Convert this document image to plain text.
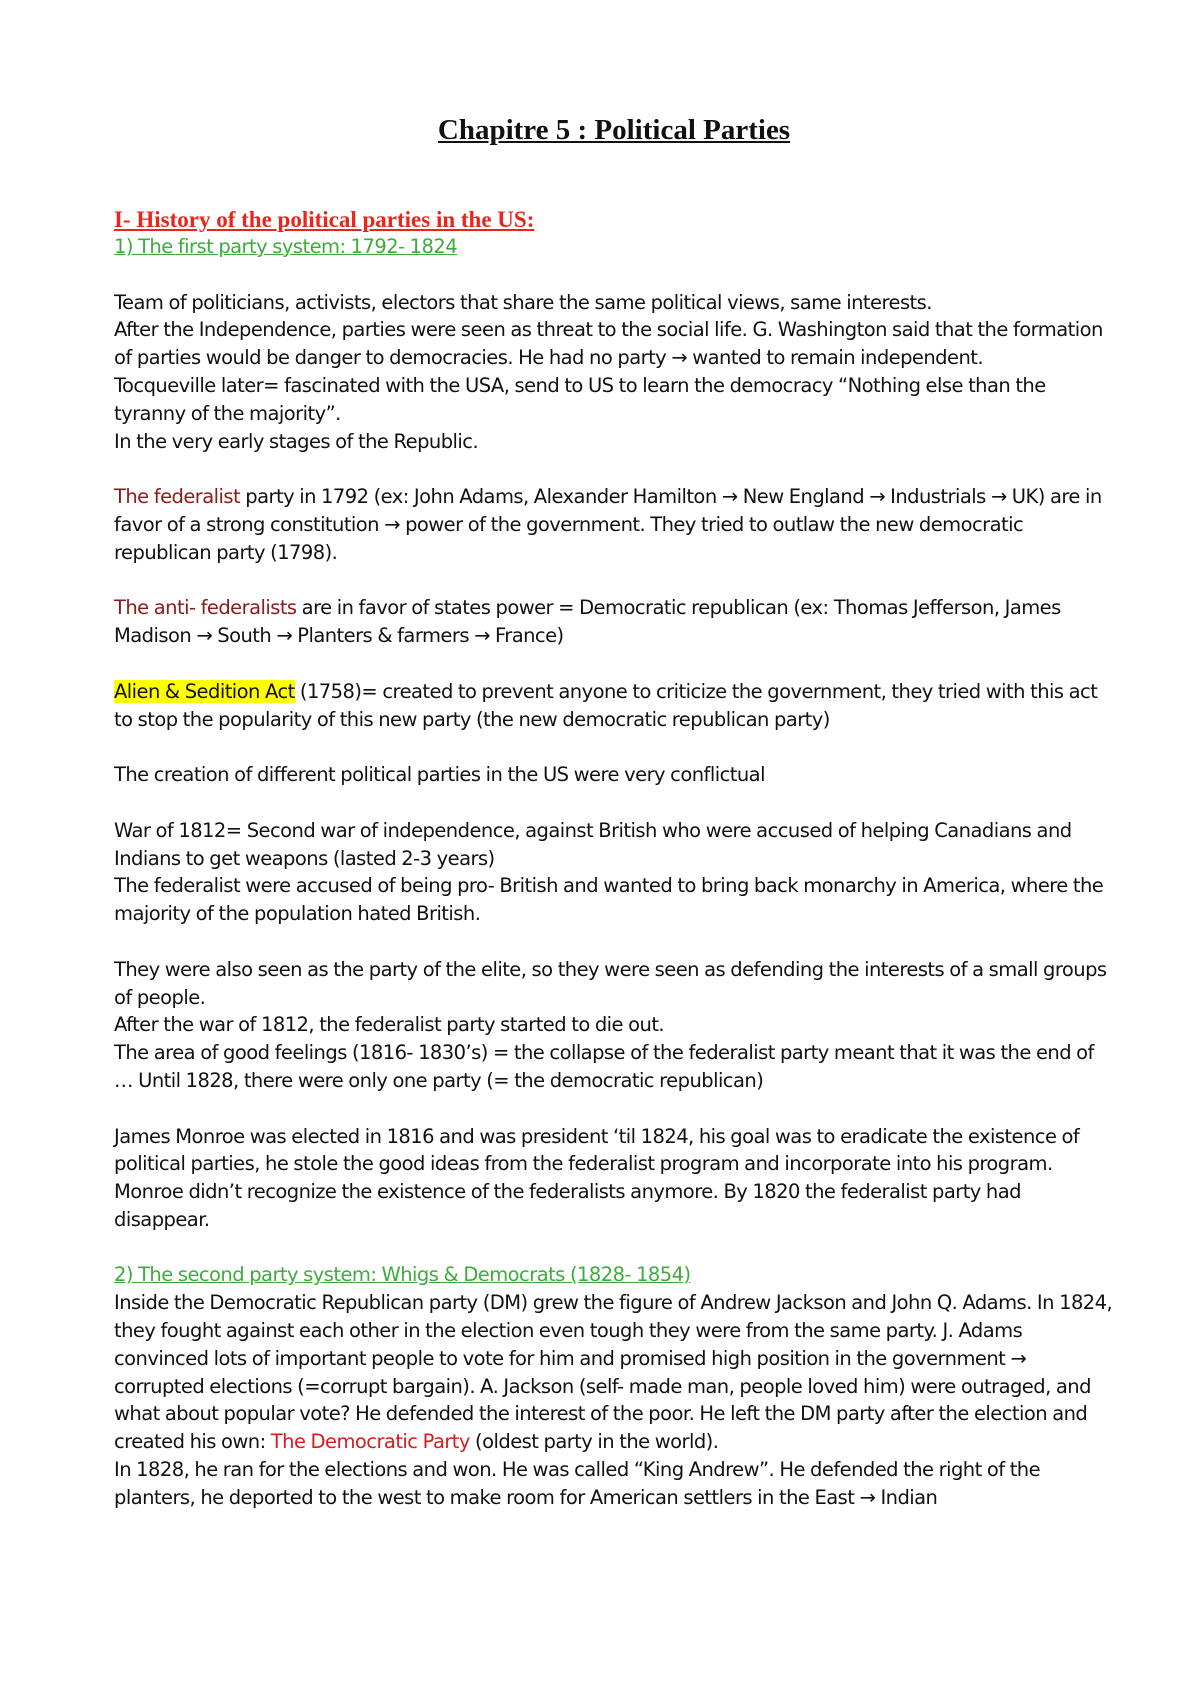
Chapitre 5 : Political Parties
I- History of the political parties in the US:
1) The first party system: 1792- 1824

Team of politicians, activists, electors that share the same political views, same interests.

After the Independence, parties were seen as threat to the social life. G. Washington said that the formation of parties would be danger to democracies. He had no party → wanted to remain independent.

Tocqueville later= fascinated with the USA, send to US to learn the democracy “Nothing else than the tyranny of the majority”.

In the very early stages of the Republic.

The federalist party in 1792 (ex: John Adams, Alexander Hamilton → New England → Industrials → UK) are in favor of a strong constitution → power of the government. They tried to outlaw the new democratic republican party (1798).

The anti- federalists are in favor of states power = Democratic republican (ex: Thomas Jefferson, James Madison → South → Planters & farmers → France)

Alien & Sedition Act (1758)= created to prevent anyone to criticize the government, they tried with this act to stop the popularity of this new party (the new democratic republican party)

The creation of different political parties in the US were very conflictual

War of 1812= Second war of independence, against British who were accused of helping Canadians and Indians to get weapons (lasted 2-3 years)

The federalist were accused of being pro- British and wanted to bring back monarchy in America, where the majority of the population hated British.

They were also seen as the party of the elite, so they were seen as defending the interests of a small groups of people.

After the war of 1812, the federalist party started to die out.

The area of good feelings (1816- 1830’s) = the collapse of the federalist party meant that it was the end of … Until 1828, there were only one party (= the democratic republican)

James Monroe was elected in 1816 and was president ‘til 1824, his goal was to eradicate the existence of political parties, he stole the good ideas from the federalist program and incorporate into his program. Monroe didn’t recognize the existence of the federalists anymore. By 1820 the federalist party had disappear.

2) The second party system: Whigs & Democrats (1828- 1854)

Inside the Democratic Republican party (DM) grew the figure of Andrew Jackson and John Q. Adams. In 1824, they fought against each other in the election even tough they were from the same party. J. Adams convinced lots of important people to vote for him and promised high position in the government → corrupted elections (=corrupt bargain). A. Jackson (self- made man, people loved him) were outraged, and what about popular vote? He defended the interest of the poor. He left the DM party after the election and created his own: The Democratic Party (oldest party in the world).

In 1828, he ran for the elections and won. He was called “King Andrew”. He defended the right of the planters, he deported to the west to make room for American settlers in the East → Indian
